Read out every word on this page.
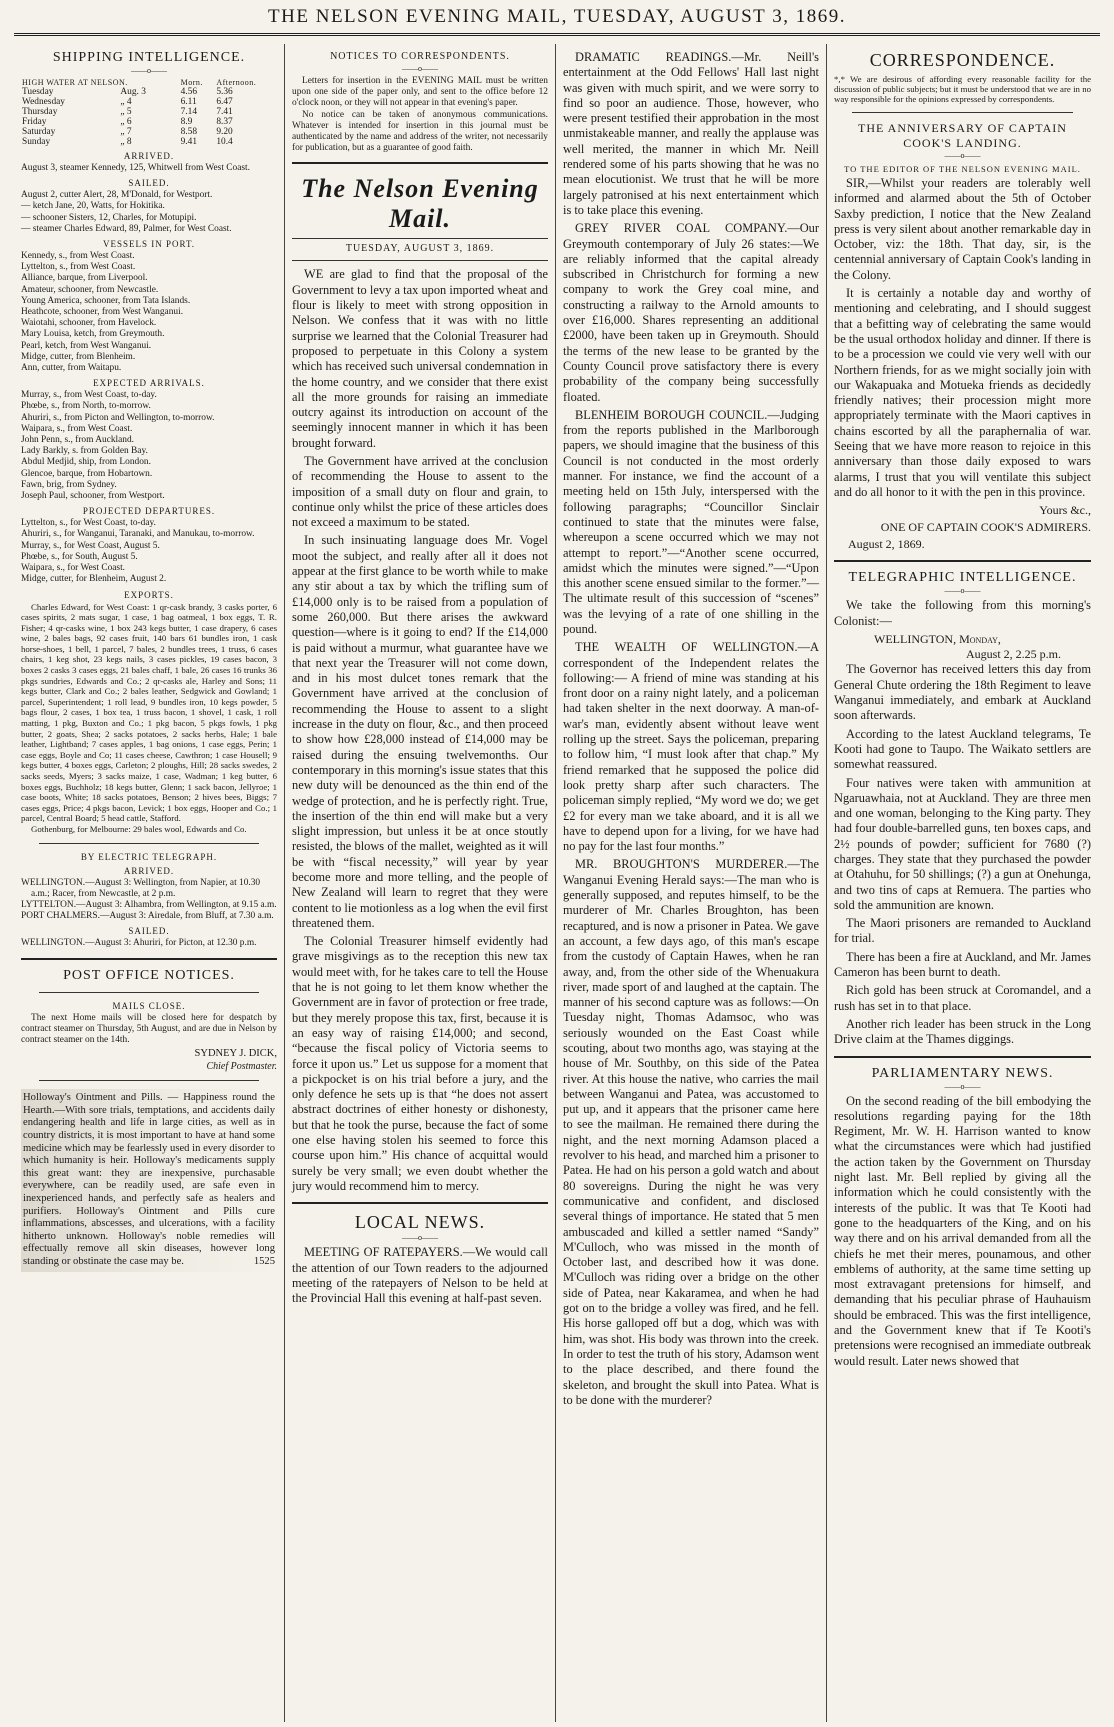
THE NELSON EVENING MAIL, TUESDAY, AUGUST 3, 1869.
SHIPPING INTELLIGENCE.
——o——
HIGH WATER AT NELSON.		Morn.	Afternoon.
Tuesday	Aug. 3	4.56	5.36
Wednesday	„ 4	6.11	6.47
Thursday	„ 5	7.14	7.41
Friday	„ 6	8.9	8.37
Saturday	„ 7	8.58	9.20
Sunday	„ 8	9.41	10.4
ARRIVED.

August 3, steamer Kennedy, 125, Whitwell from West Coast.

SAILED.

August 2, cutter Alert, 28, M'Donald, for Westport.

— ketch Jane, 20, Watts, for Hokitika.

— schooner Sisters, 12, Charles, for Motupipi.

— steamer Charles Edward, 89, Palmer, for West Coast.

VESSELS IN PORT.

Kennedy, s., from West Coast.

Lyttelton, s., from West Coast.

Alliance, barque, from Liverpool.

Amateur, schooner, from Newcastle.

Young America, schooner, from Tata Islands.

Heathcote, schooner, from West Wanganui.

Waiotahi, schooner, from Havelock.

Mary Louisa, ketch, from Greymouth.

Pearl, ketch, from West Wanganui.

Midge, cutter, from Blenheim.

Ann, cutter, from Waitapu.

EXPECTED ARRIVALS.

Murray, s., from West Coast, to-day.

Phœbe, s., from North, to-morrow.

Ahuriri, s., from Picton and Wellington, to-morrow.

Waipara, s., from West Coast.

John Penn, s., from Auckland.

Lady Barkly, s. from Golden Bay.

Abdul Medjid, ship, from London.

Glencoe, barque, from Hobartown.

Fawn, brig, from Sydney.

Joseph Paul, schooner, from Westport.

PROJECTED DEPARTURES.

Lyttelton, s., for West Coast, to-day.

Ahuriri, s., for Wanganui, Taranaki, and Manukau, to-morrow.

Murray, s., for West Coast, August 5.

Phœbe, s., for South, August 5.

Waipara, s., for West Coast.

Midge, cutter, for Blenheim, August 2.

EXPORTS.
Charles Edward, for West Coast: 1 qr-cask brandy, 3 casks porter, 6 cases spirits, 2 mats sugar, 1 case, 1 bag oatmeal, 1 box eggs, T. R. Fisher; 4 qr-casks wine, 1 box 243 kegs butter, 1 case drapery, 6 cases wine, 2 bales bags, 92 cases fruit, 140 bars 61 bundles iron, 1 cask horse-shoes, 1 bell, 1 parcel, 7 bales, 2 bundles trees, 1 truss, 6 cases chairs, 1 keg shot, 23 kegs nails, 3 cases pickles, 19 cases bacon, 3 boxes 2 casks 3 cases eggs, 21 bales chaff, 1 bale, 26 cases 16 trunks 36 pkgs sundries, Edwards and Co.; 2 qr-casks ale, Harley and Sons; 11 kegs butter, Clark and Co.; 2 bales leather, Sedgwick and Gowland; 1 parcel, Superintendent; 1 roll lead, 9 bundles iron, 10 kegs powder, 5 bags flour, 2 cases, 1 box tea, 1 truss bacon, 1 shovel, 1 cask, 1 roll matting, 1 pkg, Buxton and Co.; 1 pkg bacon, 5 pkgs fowls, 1 pkg butter, 2 goats, Shea; 2 sacks potatoes, 2 sacks herbs, Hale; 1 bale leather, Lightband; 7 cases apples, 1 bag onions, 1 case eggs, Perin; 1 case eggs, Boyle and Co; 11 cases cheese, Cawthron; 1 case Housell; 9 kegs butter, 4 boxes eggs, Carleton; 2 ploughs, Hill; 28 sacks swedes, 2 sacks seeds, Myers; 3 sacks maize, 1 case, Wadman; 1 keg butter, 6 boxes eggs, Buchholz; 18 kegs butter, Glenn; 1 sack bacon, Jellyroe; 1 case boots, White; 18 sacks potatoes, Benson; 2 hives bees, Biggs; 7 cases eggs, Price; 4 pkgs bacon, Levick; 1 box eggs, Hooper and Co.; 1 parcel, Central Board; 5 head cattle, Stafford.
Gothenburg, for Melbourne: 29 bales wool, Edwards and Co.
BY ELECTRIC TELEGRAPH.
ARRIVED.

WELLINGTON.—August 3: Wellington, from Napier, at 10.30 a.m.; Racer, from Newcastle, at 2 p.m.

LYTTELTON.—August 3: Alhambra, from Wellington, at 9.15 a.m.

PORT CHALMERS.—August 3: Airedale, from Bluff, at 7.30 a.m.

SAILED.

WELLINGTON.—August 3: Ahuriri, for Picton, at 12.30 p.m.

POST OFFICE NOTICES.
MAILS CLOSE.
The next Home mails will be closed here for despatch by contract steamer on Thursday, 5th August, and are due in Nelson by contract steamer on the 14th.
SYDNEY J. DICK,
Chief Postmaster.
Holloway's Ointment and Pills. — Happiness round the Hearth.—With sore trials, temptations, and accidents daily endangering health and life in large cities, as well as in country districts, it is most important to have at hand some medicine which may be fearlessly used in every disorder to which humanity is heir. Holloway's medicaments supply this great want: they are inexpensive, purchasable everywhere, can be readily used, are safe even in inexperienced hands, and perfectly safe as healers and purifiers. Holloway's Ointment and Pills cure inflammations, abscesses, and ulcerations, with a facility hitherto unknown. Holloway's noble remedies will effectually remove all skin diseases, however long standing or obstinate the case may be.	1525
NOTICES TO CORRESPONDENTS.
——o——
Letters for insertion in the EVENING MAIL must be written upon one side of the paper only, and sent to the office before 12 o'clock noon, or they will not appear in that evening's paper.
No notice can be taken of anonymous communications. Whatever is intended for insertion in this journal must be authenticated by the name and address of the writer, not necessarily for publication, but as a guarantee of good faith.
The Nelson Evening Mail.
TUESDAY, AUGUST 3, 1869.

WE are glad to find that the proposal of the Government to levy a tax upon imported wheat and flour is likely to meet with strong opposition in Nelson. We confess that it was with no little surprise we learned that the Colonial Treasurer had proposed to perpetuate in this Colony a system which has received such universal condemnation in the home country, and we consider that there exist all the more grounds for raising an immediate outcry against its introduction on account of the seemingly innocent manner in which it has been brought forward.

The Government have arrived at the conclusion of recommending the House to assent to the imposition of a small duty on flour and grain, to continue only whilst the price of these articles does not exceed a maximum to be stated.

In such insinuating language does Mr. Vogel moot the subject, and really after all it does not appear at the first glance to be worth while to make any stir about a tax by which the trifling sum of £14,000 only is to be raised from a population of some 260,000. But there arises the awkward question—where is it going to end? If the £14,000 is paid without a murmur, what guarantee have we that next year the Treasurer will not come down, and in his most dulcet tones remark that the Government have arrived at the conclusion of recommending the House to assent to a slight increase in the duty on flour, &c., and then proceed to show how £28,000 instead of £14,000 may be raised during the ensuing twelvemonths. Our contemporary in this morning's issue states that this new duty will be denounced as the thin end of the wedge of protection, and he is perfectly right. True, the insertion of the thin end will make but a very slight impression, but unless it be at once stoutly resisted, the blows of the mallet, weighted as it will be with “fiscal necessity,” will year by year become more and more telling, and the people of New Zealand will learn to regret that they were content to lie motionless as a log when the evil first threatened them.

The Colonial Treasurer himself evidently had grave misgivings as to the reception this new tax would meet with, for he takes care to tell the House that he is not going to let them know whether the Government are in favor of protection or free trade, but they merely propose this tax, first, because it is an easy way of raising £14,000; and second, “because the fiscal policy of Victoria seems to force it upon us.” Let us suppose for a moment that a pickpocket is on his trial before a jury, and the only defence he sets up is that “he does not assert abstract doctrines of either honesty or dishonesty, but that he took the purse, because the fact of some one else having stolen his seemed to force this course upon him.” His chance of acquittal would surely be very small; we even doubt whether the jury would recommend him to mercy.

LOCAL NEWS.
——o——

MEETING OF RATEPAYERS.—We would call the attention of our Town readers to the adjourned meeting of the ratepayers of Nelson to be held at the Provincial Hall this evening at half-past seven.

DRAMATIC READINGS.—Mr. Neill's entertainment at the Odd Fellows' Hall last night was given with much spirit, and we were sorry to find so poor an audience. Those, however, who were present testified their approbation in the most unmistakeable manner, and really the applause was well merited, the manner in which Mr. Neill rendered some of his parts showing that he was no mean elocutionist. We trust that he will be more largely patronised at his next entertainment which is to take place this evening.

GREY RIVER COAL COMPANY.—Our Greymouth contemporary of July 26 states:—We are reliably informed that the capital already subscribed in Christchurch for forming a new company to work the Grey coal mine, and constructing a railway to the Arnold amounts to over £16,000. Shares representing an additional £2000, have been taken up in Greymouth. Should the terms of the new lease to be granted by the County Council prove satisfactory there is every probability of the company being successfully floated.

BLENHEIM BOROUGH COUNCIL.—Judging from the reports published in the Marlborough papers, we should imagine that the business of this Council is not conducted in the most orderly manner. For instance, we find the account of a meeting held on 15th July, interspersed with the following paragraphs; “Councillor Sinclair continued to state that the minutes were false, whereupon a scene occurred which we may not attempt to report.”—“Another scene occurred, amidst which the minutes were signed.”—“Upon this another scene ensued similar to the former.”—The ultimate result of this succession of “scenes” was the levying of a rate of one shilling in the pound.

THE WEALTH OF WELLINGTON.—A correspondent of the Independent relates the following:— A friend of mine was standing at his front door on a rainy night lately, and a policeman had taken shelter in the next doorway. A man-of-war's man, evidently absent without leave went rolling up the street. Says the policeman, preparing to follow him, “I must look after that chap.” My friend remarked that he supposed the police did look pretty sharp after such characters. The policeman simply replied, “My word we do; we get £2 for every man we take aboard, and it is all we have to depend upon for a living, for we have had no pay for the last four months.”

MR. BROUGHTON'S MURDERER.—The Wanganui Evening Herald says:—The man who is generally supposed, and reputes himself, to be the murderer of Mr. Charles Broughton, has been recaptured, and is now a prisoner in Patea. We gave an account, a few days ago, of this man's escape from the custody of Captain Hawes, when he ran away, and, from the other side of the Whenuakura river, made sport of and laughed at the captain. The manner of his second capture was as follows:—On Tuesday night, Thomas Adamsoc, who was seriously wounded on the East Coast while scouting, about two months ago, was staying at the house of Mr. Southby, on this side of the Patea river. At this house the native, who carries the mail between Wanganui and Patea, was accustomed to put up, and it appears that the prisoner came here to see the mailman. He remained there during the night, and the next morning Adamson placed a revolver to his head, and marched him a prisoner to Patea. He had on his person a gold watch and about 80 sovereigns. During the night he was very communicative and confident, and disclosed several things of importance. He stated that 5 men ambuscaded and killed a settler named “Sandy” M'Culloch, who was missed in the month of October last, and described how it was done. M'Culloch was riding over a bridge on the other side of Patea, near Kakaramea, and when he had got on to the bridge a volley was fired, and he fell. His horse galloped off but a dog, which was with him, was shot. His body was thrown into the creek. In order to test the truth of his story, Adamson went to the place described, and there found the skeleton, and brought the skull into Patea. What is to be done with the murderer?

CORRESPONDENCE.
*,* We are desirous of affording every reasonable facility for the discussion of public subjects; but it must be understood that we are in no way responsible for the opinions expressed by correspondents.
THE ANNIVERSARY OF CAPTAIN COOK'S LANDING.
——o——
TO THE EDITOR OF THE NELSON EVENING MAIL.

SIR,—Whilst your readers are tolerably well informed and alarmed about the 5th of October Saxby prediction, I notice that the New Zealand press is very silent about another remarkable day in October, viz: the 18th. That day, sir, is the centennial anniversary of Captain Cook's landing in the Colony.

It is certainly a notable day and worthy of mentioning and celebrating, and I should suggest that a befitting way of celebrating the same would be the usual orthodox holiday and dinner. If there is to be a procession we could vie very well with our Northern friends, for as we might socially join with our Wakapuaka and Motueka friends as decidedly friendly natives; their procession might more appropriately terminate with the Maori captives in chains escorted by all the paraphernalia of war. Seeing that we have more reason to rejoice in this anniversary than those daily exposed to wars alarms, I trust that you will ventilate this subject and do all honor to it with the pen in this province.

Yours &c.,
ONE OF CAPTAIN COOK'S ADMIRERS.
August 2, 1869.
TELEGRAPHIC INTELLIGENCE.
——o——

We take the following from this morning's Colonist:—

WELLINGTON, Monday,
August 2, 2.25 p.m.

The Governor has received letters this day from General Chute ordering the 18th Regiment to leave Wanganui immediately, and embark at Auckland soon afterwards.

According to the latest Auckland telegrams, Te Kooti had gone to Taupo. The Waikato settlers are somewhat reassured.

Four natives were taken with ammunition at Ngaruawhaia, not at Auckland. They are three men and one woman, belonging to the King party. They had four double-barrelled guns, ten boxes caps, and 2½ pounds of powder; sufficient for 7680 (?) charges. They state that they purchased the powder at Otahuhu, for 50 shillings; (?) a gun at Onehunga, and two tins of caps at Remuera. The parties who sold the ammunition are known.

The Maori prisoners are remanded to Auckland for trial.

There has been a fire at Auckland, and Mr. James Cameron has been burnt to death.

Rich gold has been struck at Coromandel, and a rush has set in to that place.

Another rich leader has been struck in the Long Drive claim at the Thames diggings.

PARLIAMENTARY NEWS.
——o——

On the second reading of the bill embodying the resolutions regarding paying for the 18th Regiment, Mr. W. H. Harrison wanted to know what the circumstances were which had justified the action taken by the Government on Thursday night last. Mr. Bell replied by giving all the information which he could consistently with the interests of the public. It was that Te Kooti had gone to the headquarters of the King, and on his way there and on his arrival demanded from all the chiefs he met their meres, pounamous, and other emblems of authority, at the same time setting up most extravagant pretensions for himself, and demanding that his peculiar phrase of Hauhauism should be embraced. This was the first intelligence, and the Government knew that if Te Kooti's pretensions were recognised an immediate outbreak would result. Later news showed that
